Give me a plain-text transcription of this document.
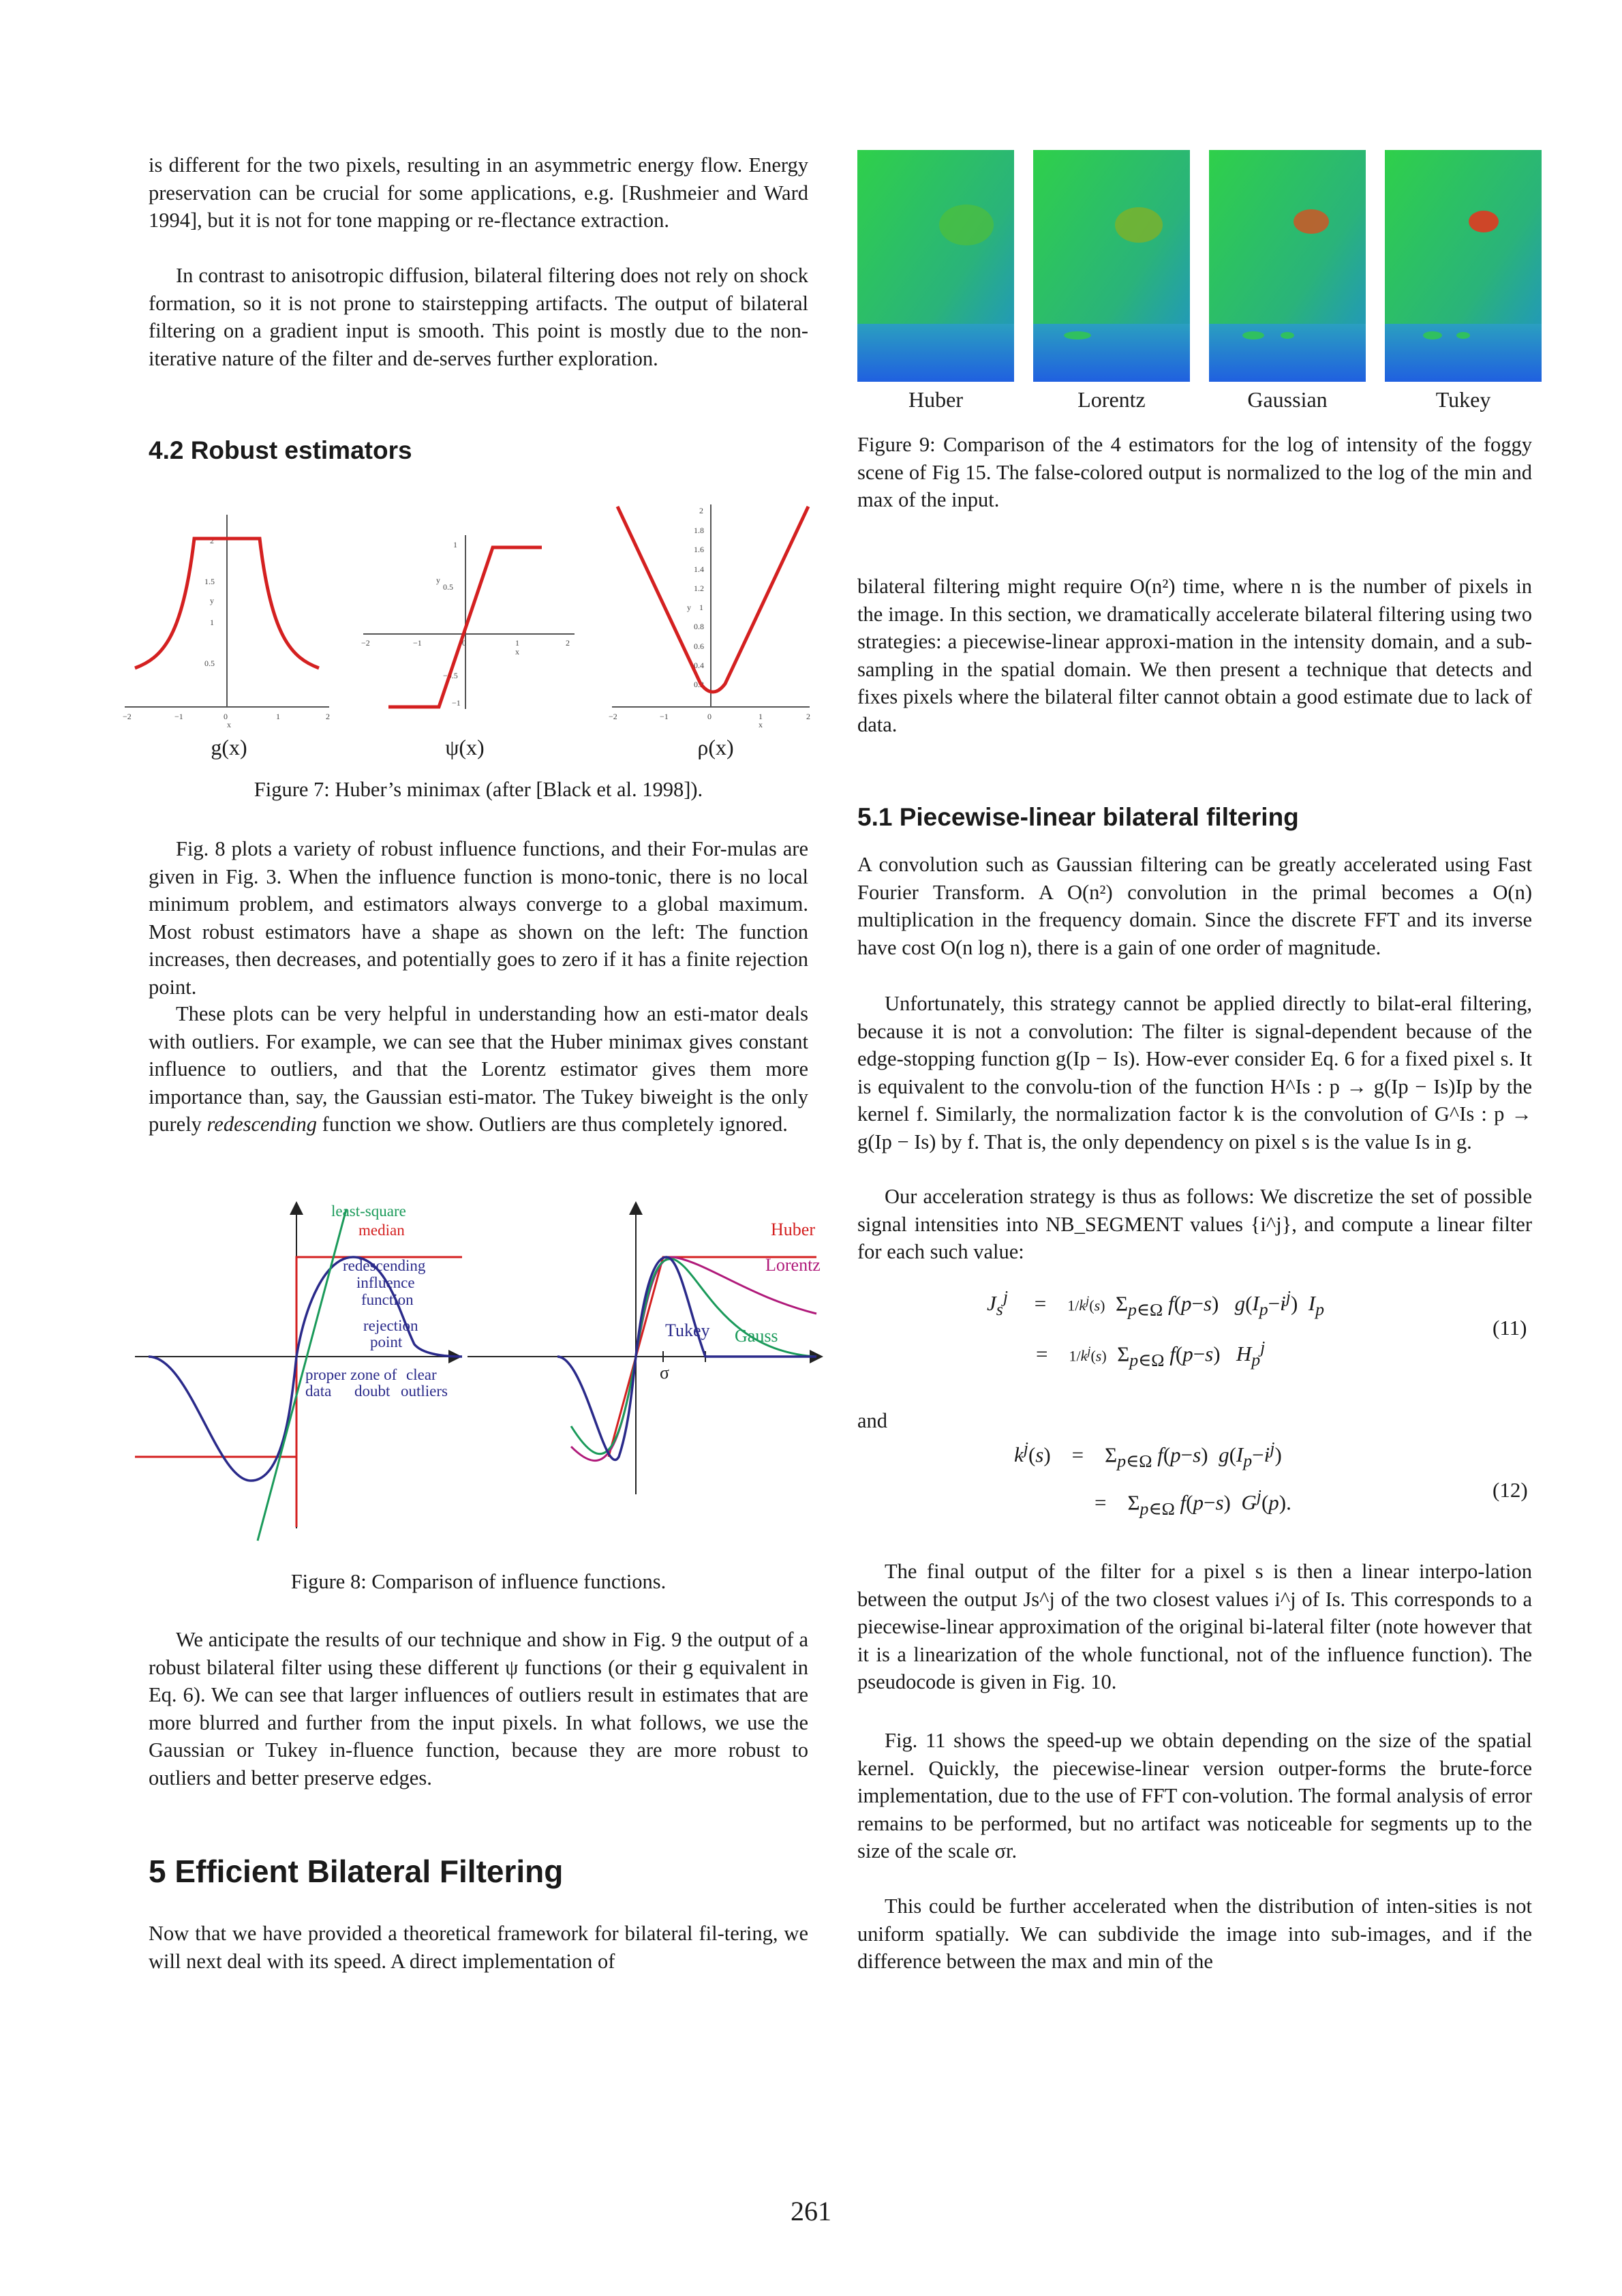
is different for the two pixels, resulting in an asymmetric energy flow. Energy preservation can be crucial for some applications, e.g. [Rushmeier and Ward 1994], but it is not for tone mapping or re-flectance extraction.

In contrast to anisotropic diffusion, bilateral filtering does not rely on shock formation, so it is not prone to stairstepping artifacts. The output of bilateral filtering on a gradient input is smooth. This point is mostly due to the non-iterative nature of the filter and de-serves further exploration.

4.2 Robust estimators
−2	−1	0	1	2
2
1.5
1
0.5
x
y
−2	−1	0	1	2
1
0.5
−0.5
−1
x
y
−2	−1	0	1	2
2
1.8
1.6
1.4
1.2
1
0.8
0.6
0.4
0.2
x
y
g(x)	ψ(x)	ρ(x)
Figure 7: Huber’s minimax (after [Black et al. 1998]).

Fig. 8 plots a variety of robust influence functions, and their For-mulas are given in Fig. 3. When the influence function is mono-tonic, there is no local minimum problem, and estimators always converge to a global maximum. Most robust estimators have a shape as shown on the left: The function increases, then decreases, and potentially goes to zero if it has a finite rejection point.

These plots can be very helpful in understanding how an esti-mator deals with outliers. For example, we can see that the Huber minimax gives constant influence to outliers, and that the Lorentz estimator gives them more importance than, say, the Gaussian esti-mator. The Tukey biweight is the only purely redescending function we show. Outliers are thus completely ignored.

least-square
median
redescending
influence
function
rejection
point
proper
data
zone of
doubt
clear
outliers
Huber
Lorentz
Tukey Gauss
σ
Figure 8: Comparison of influence functions.

We anticipate the results of our technique and show in Fig. 9 the output of a robust bilateral filter using these different ψ functions (or their g equivalent in Eq. 6). We can see that larger influences of outliers result in estimates that are more blurred and further from the input pixels. In what follows, we use the Gaussian or Tukey in-fluence function, because they are more robust to outliers and better preserve edges.

5 Efficient Bilateral Filtering

Now that we have provided a theoretical framework for bilateral fil-tering, we will next deal with its speed. A direct implementation of

Huber	Lorentz	Gaussian	Tukey
Figure 9: Comparison of the 4 estimators for the log of intensity of the foggy scene of Fig 15. The false-colored output is normalized to the log of the min and max of the input.

bilateral filtering might require O(n²) time, where n is the number of pixels in the image. In this section, we dramatically accelerate bilateral filtering using two strategies: a piecewise-linear approxi-mation in the intensity domain, and a sub-sampling in the spatial domain. We then present a technique that detects and fixes pixels where the bilateral filter cannot obtain a good estimate due to lack of data.

5.1 Piecewise-linear bilateral filtering

A convolution such as Gaussian filtering can be greatly accelerated using Fast Fourier Transform. A O(n²) convolution in the primal becomes a O(n) multiplication in the frequency domain. Since the discrete FFT and its inverse have cost O(n log n), there is a gain of one order of magnitude.

Unfortunately, this strategy cannot be applied directly to bilat-eral filtering, because it is not a convolution: The filter is signal-dependent because of the edge-stopping function g(Ip − Is). How-ever consider Eq. 6 for a fixed pixel s. It is equivalent to the convolu-tion of the function H^Is : p → g(Ip − Is)Ip by the kernel f. Similarly, the normalization factor k is the convolution of G^Is : p → g(Ip − Is) by f. That is, the only dependency on pixel s is the value Is in g.

Our acceleration strategy is thus as follows: We discretize the set of possible signal intensities into NB_SEGMENT values {i^j}, and compute a linear filter for each such value:

$J_s^j$     =    $1/k^j(s)$  $\Sigma_{p\in\Omega}$ f(p−s)   $g(I_p-i^j)$  $I_p$
=    $1/k^j(s)$  $\Sigma_{p\in\Omega}$ f(p−s)   $H_p^j$
(11)

and

$k^j(s)$    =    $\Sigma_{p\in\Omega}$ f(p−s)  $g(I_p-i^j)$
=    $\Sigma_{p\in\Omega}$ f(p−s)  $G^j(p)$.
(12)

The final output of the filter for a pixel s is then a linear interpo-lation between the output Js^j of the two closest values i^j of Is. This corresponds to a piecewise-linear approximation of the original bi-lateral filter (note however that it is a linearization of the whole functional, not of the influence function). The pseudocode is given in Fig. 10.

Fig. 11 shows the speed-up we obtain depending on the size of the spatial kernel. Quickly, the piecewise-linear version outper-forms the brute-force implementation, due to the use of FFT con-volution. The formal analysis of error remains to be performed, but no artifact was noticeable for segments up to the size of the scale σr.

This could be further accelerated when the distribution of inten-sities is not uniform spatially. We can subdivide the image into sub-images, and if the difference between the max and min of the

261
